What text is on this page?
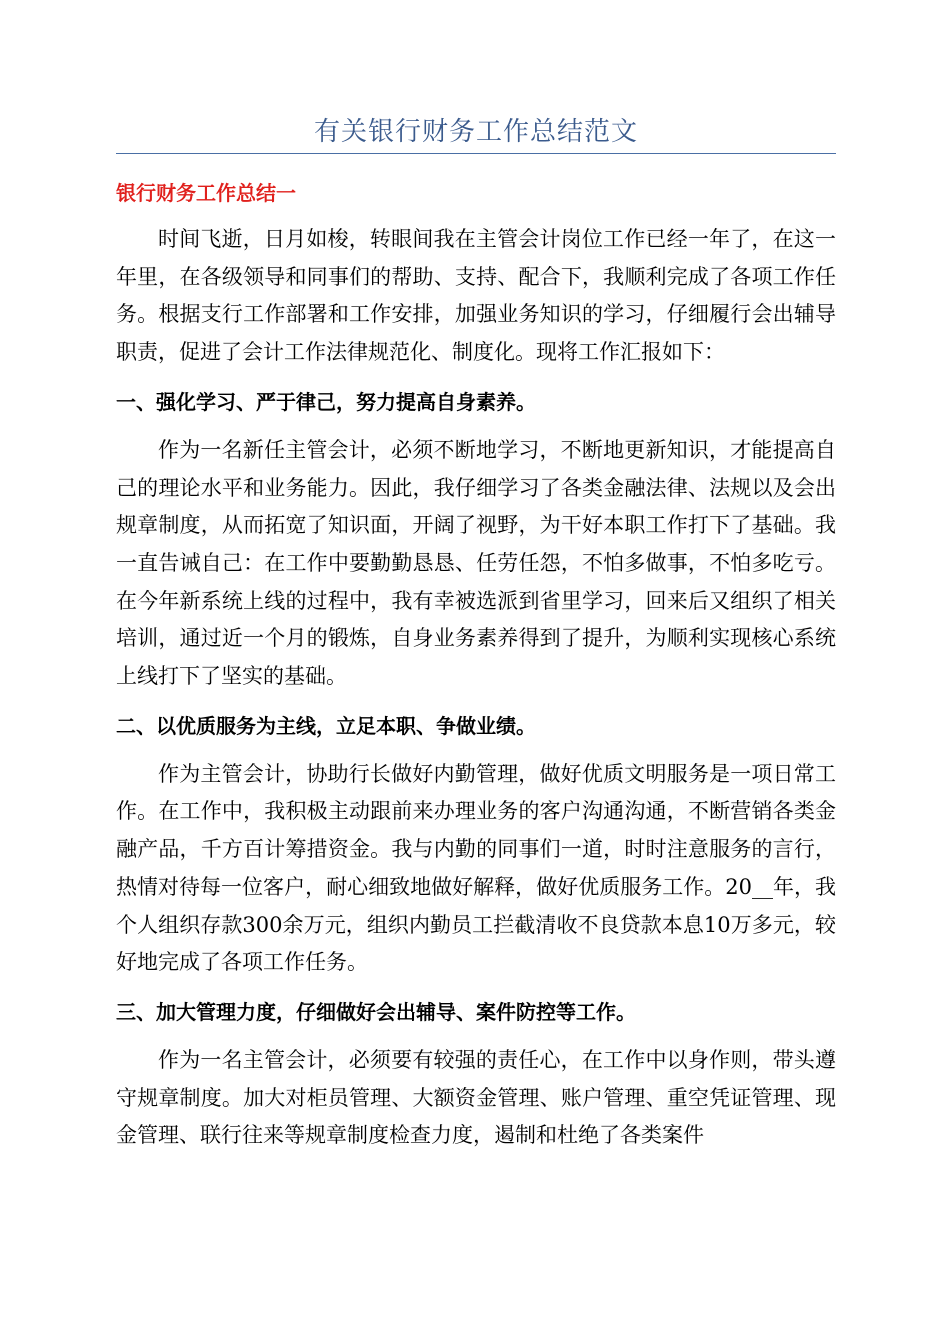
有关银行财务工作总结范文
银行财务工作总结一

时间飞逝，日月如梭，转眼间我在主管会计岗位工作已经一年了，在这一年里，在各级领导和同事们的帮助、支持、配合下，我顺利完成了各项工作任务。根据支行工作部署和工作安排，加强业务知识的学习，仔细履行会出辅导职责，促进了会计工作法律规范化、制度化。现将工作汇报如下：

一、强化学习、严于律己，努力提高自身素养。

作为一名新任主管会计，必须不断地学习，不断地更新知识，才能提高自己的理论水平和业务能力。因此，我仔细学习了各类金融法律、法规以及会出规章制度，从而拓宽了知识面，开阔了视野，为干好本职工作打下了基础。我一直告诫自己：在工作中要勤勤恳恳、任劳任怨，不怕多做事，不怕多吃亏。在今年新系统上线的过程中，我有幸被选派到省里学习，回来后又组织了相关培训，通过近一个月的锻炼，自身业务素养得到了提升，为顺利实现核心系统上线打下了坚实的基础。

二、以优质服务为主线，立足本职、争做业绩。

作为主管会计，协助行长做好内勤管理，做好优质文明服务是一项日常工作。在工作中，我积极主动跟前来办理业务的客户沟通沟通，不断营销各类金融产品，千方百计筹措资金。我与内勤的同事们一道，时时注意服务的言行，热情对待每一位客户，耐心细致地做好解释，做好优质服务工作。20__年，我个人组织存款300余万元，组织内勤员工拦截清收不良贷款本息10万多元，较好地完成了各项工作任务。

三、加大管理力度，仔细做好会出辅导、案件防控等工作。

作为一名主管会计，必须要有较强的责任心，在工作中以身作则，带头遵守规章制度。加大对柜员管理、大额资金管理、账户管理、重空凭证管理、现金管理、联行往来等规章制度检查力度，遏制和杜绝了各类案件
